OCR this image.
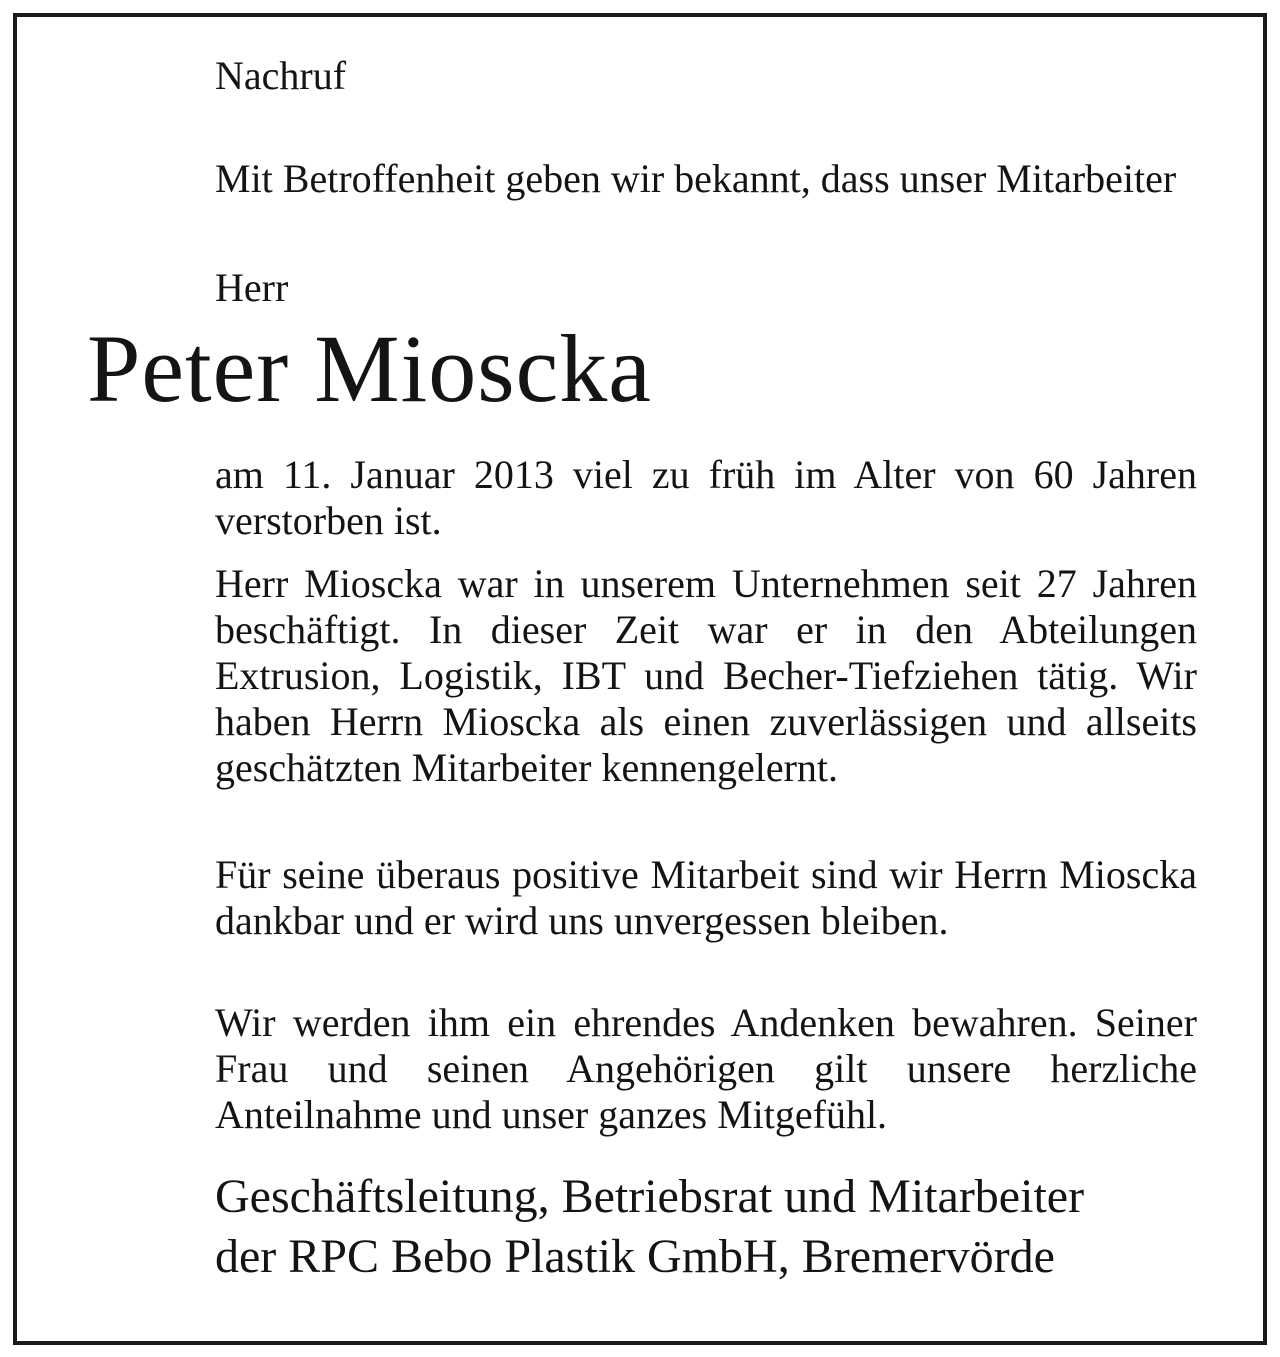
Nachruf
Mit Betroffenheit geben wir bekannt, dass unser Mitarbeiter
Herr
Peter Mioscka
am 11. Januar 2013 viel zu früh im Alter von 60 Jahren verstorben ist.
Herr Mioscka war in unserem Unternehmen seit 27 Jahren beschäftigt. In dieser Zeit war er in den Abteilungen Extrusion, Logistik, IBT und Becher-Tiefziehen tätig. Wir haben Herrn Mioscka als einen zuverlässigen und allseits geschätzten Mitarbeiter kennengelernt.
Für seine überaus positive Mitarbeit sind wir Herrn Mioscka dankbar und er wird uns unvergessen bleiben.
Wir werden ihm ein ehrendes Andenken bewahren. Seiner Frau und seinen Angehörigen gilt unsere herzliche Anteilnahme und unser ganzes Mitgefühl.
Geschäftsleitung, Betriebsrat und Mitarbeiter
der RPC Bebo Plastik GmbH, Bremervörde
